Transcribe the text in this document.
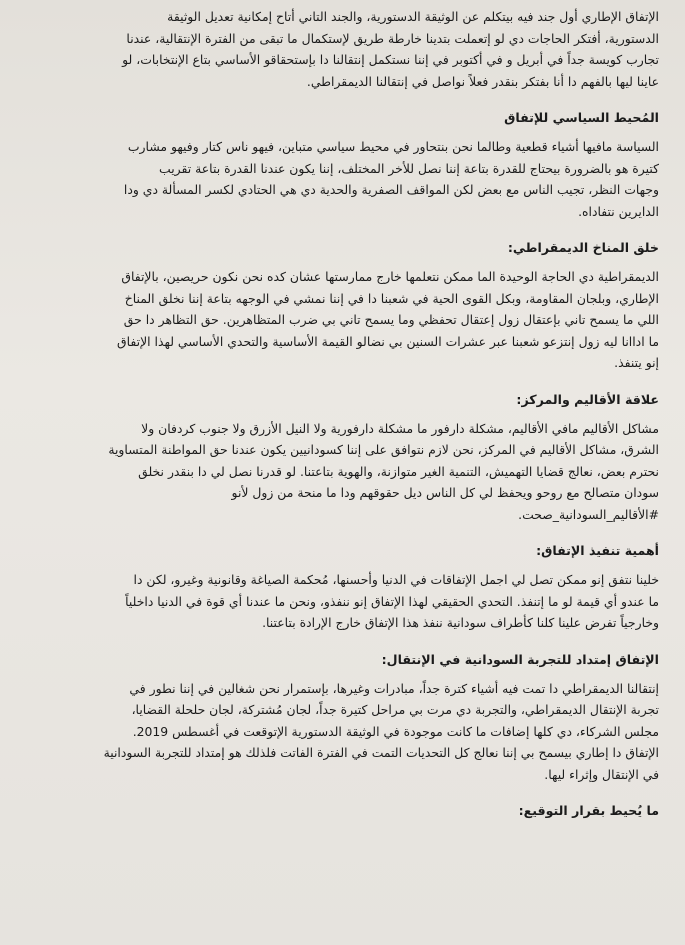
الإتفاق الإطاري أول جند فيه بيتكلم عن الوثيقة الدستورية، والجند التاني أتاح إمكانية تعديل الوثيقة
الدستورية، أفتكر الحاجات دي لو إتعملت بتدينا خارطة طريق لإستكمال ما تبقى من الفترة الإنتقالية، عندنا
تجارب كويسة جداً في أبريل و في أكتوبر في إننا نستكمل إنتقالنا دا بإستحقاقو الأساسي بتاع الإنتخابات، لو
عاينا ليها بالفهم دا أنا بفتكر بنقدر فعلاً نواصل في إنتقالنا الديمقراطي.
المُحيط السياسي للإتفاق
السياسة مافيها أشياء قطعية وطالما نحن بنتحاور في محيط سياسي متباين، فيهو ناس كتار وفيهو مشارب
كتيرة هو بالضرورة بيحتاج للقدرة بتاعة إننا نصل للأخر المختلف، إننا يكون عندنا القدرة بتاعة تقريب
وجهات النظر، تجيب الناس مع بعض لكن المواقف الصفرية والحدية دي هي الحتادي لكسر المسألة دي ودا
الدايرين نتفاداه.
خلق المناخ الديمقراطي:
الديمقراطية دي الحاجة الوحيدة الما ممكن نتعلمها خارج ممارستها عشان كده نحن نكون حريصين، بالإتفاق
الإطاري، وبلجان المقاومة، وبكل القوى الحية في شعبنا دا في إننا نمشي في الوجهه بتاعة إننا نخلق المناخ
اللي ما يسمح تاني بإعتقال زول إعتقال تحفظي وما يسمح تاني بي ضرب المتظاهرين. حق التظاهر دا حق
ما اداانا ليه زول إنتزعو شعبنا عبر عشرات السنين بي نضالو القيمة الأساسية والتحدي الأساسي لهذا الإتفاق
إنو يتنفذ.
علاقة الأقاليم والمركز:
مشاكل الأقاليم مافي الأقاليم، مشكلة دارفور ما مشكلة دارفورية ولا النيل الأزرق ولا جنوب كردفان ولا
الشرق، مشاكل الأقاليم في المركز، نحن لازم نتوافق على إننا كسودانيين يكون عندنا حق المواطنة المتساوية
نحترم بعض، نعالج قضايا التهميش، التنمية الغير متوازنة، والهوية بتاعتنا. لو قدرنا نصل لي دا بنقدر نخلق
سودان متصالح مع روحو ويحفظ لي كل الناس ديل حقوقهم ودا ما منحة من زول لأنو
#الأقاليم_السودانية_صحت.
أهمية تنفيذ الإتفاق:
خلينا نتفق إنو ممكن تصل لي اجمل الإتفاقات في الدنيا وأحسنها، مُحكمة الصياغة وقانونية وغيرو، لكن دا
ما عندو أي قيمة لو ما إتنفذ. التحدي الحقيقي لهذا الإتفاق إنو ننفذو، ونحن ما عندنا أي قوة في الدنيا داخلياً
وخارجياً تفرض علينا كلنا كأطراف سودانية ننفذ هذا الإتفاق خارج الإرادة بتاعتنا.
الإتفاق إمتداد للتجربة السودانية في الإنتقال:
إنتقالنا الديمقراطي دا تمت فيه أشياء كترة جداً، مبادرات وغيرها، بإستمرار نحن شغالين في إننا نطور في
تجربة الإنتقال الديمقراطي، والتجربة دي مرت بي مراحل كتيرة جداً، لجان مُشتركة، لجان حلحلة القضايا،
مجلس الشركاء، دي كلها إضافات ما كانت موجودة في الوثيقة الدستورية الإتوقعت في أغسطس 2019.
الإتفاق دا إطاري بيسمح بي إننا نعالج كل التحديات التمت في الفترة الفاتت فلذلك هو إمتداد للتجربة السودانية
في الإنتقال وإثراء ليها.
ما يُحيط بقرار التوقيع:
